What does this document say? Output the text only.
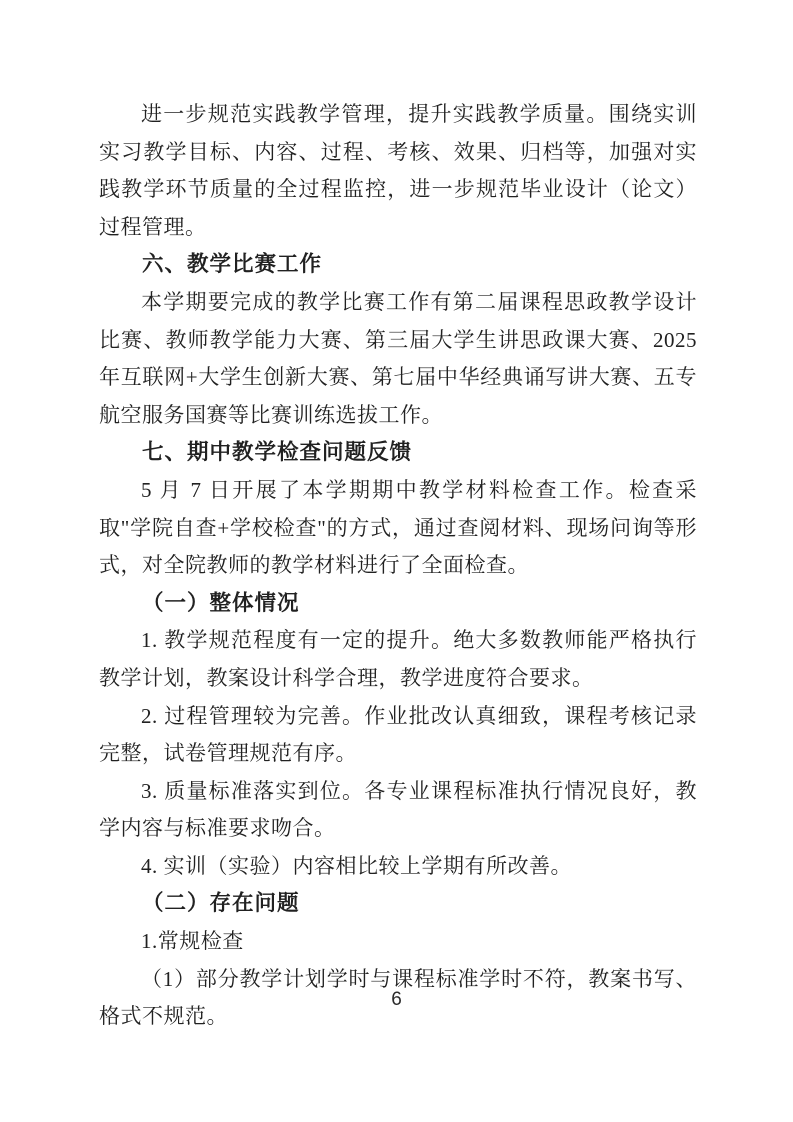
进一步规范实践教学管理，提升实践教学质量。围绕实训实习教学目标、内容、过程、考核、效果、归档等，加强对实践教学环节质量的全过程监控，进一步规范毕业设计（论文）过程管理。

六、教学比赛工作

本学期要完成的教学比赛工作有第二届课程思政教学设计比赛、教师教学能力大赛、第三届大学生讲思政课大赛、2025 年互联网+大学生创新大赛、第七届中华经典诵写讲大赛、五专航空服务国赛等比赛训练选拔工作。

七、期中教学检查问题反馈

5 月 7 日开展了本学期期中教学材料检查工作。检查采取"学院自查+学校检查"的方式，通过查阅材料、现场问询等形式，对全院教师的教学材料进行了全面检查。

（一）整体情况

1. 教学规范程度有一定的提升。绝大多数教师能严格执行教学计划，教案设计科学合理，教学进度符合要求。

2. 过程管理较为完善。作业批改认真细致，课程考核记录完整，试卷管理规范有序。

3. 质量标准落实到位。各专业课程标准执行情况良好，教学内容与标准要求吻合。

4. 实训（实验）内容相比较上学期有所改善。

（二）存在问题

1.常规检查

（1）部分教学计划学时与课程标准学时不符，教案书写、格式不规范。

6
